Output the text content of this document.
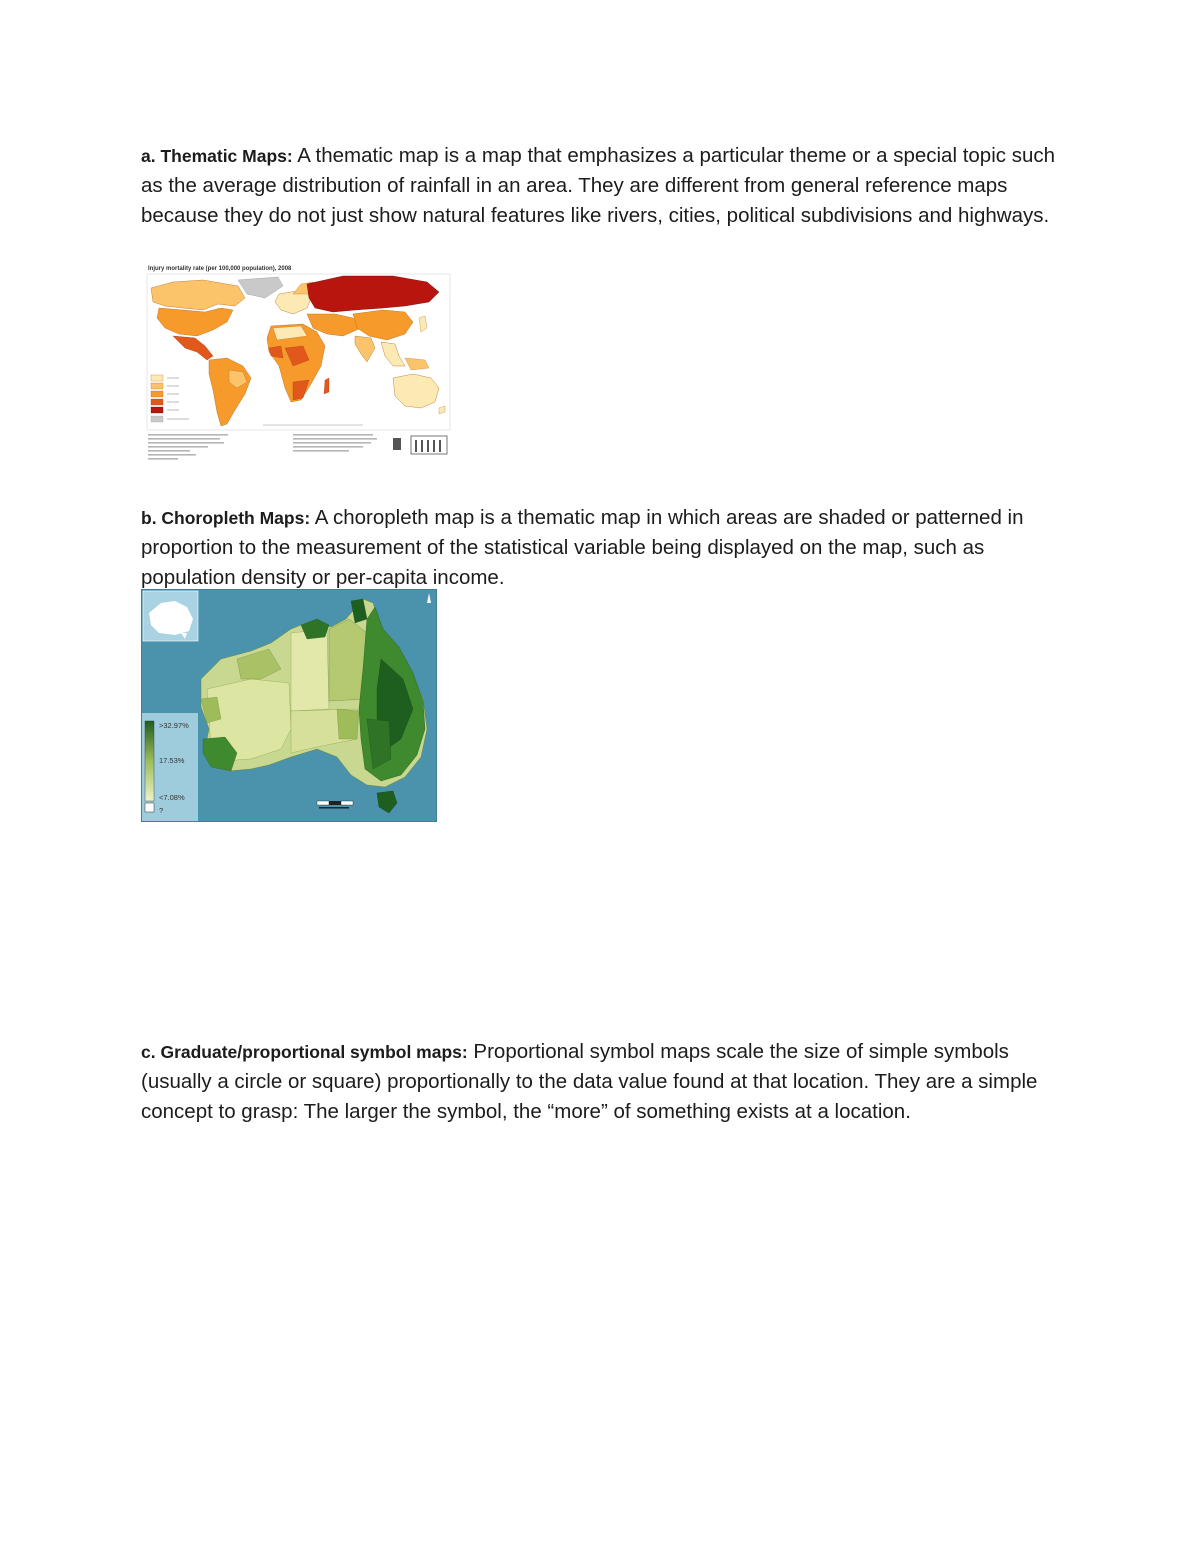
a. Thematic Maps: A thematic map is a map that emphasizes a particular theme or a special topic such as the average distribution of rainfall in an area. They are different from general reference maps because they do not just show natural features like rivers, cities, political subdivisions and highways.
Injury mortality rate (per 100,000 population), 2008
b. Choropleth Maps: A choropleth map is a thematic map in which areas are shaded or patterned in proportion to the measurement of the statistical variable being displayed on the map, such as population density or per-capita income.
>32.97%
17.53%
<7.08%
?
c. Graduate/proportional symbol maps: Proportional symbol maps scale the size of simple symbols (usually a circle or square) proportionally to the data value found at that location. They are a simple concept to grasp: The larger the symbol, the “more” of something exists at a location.
